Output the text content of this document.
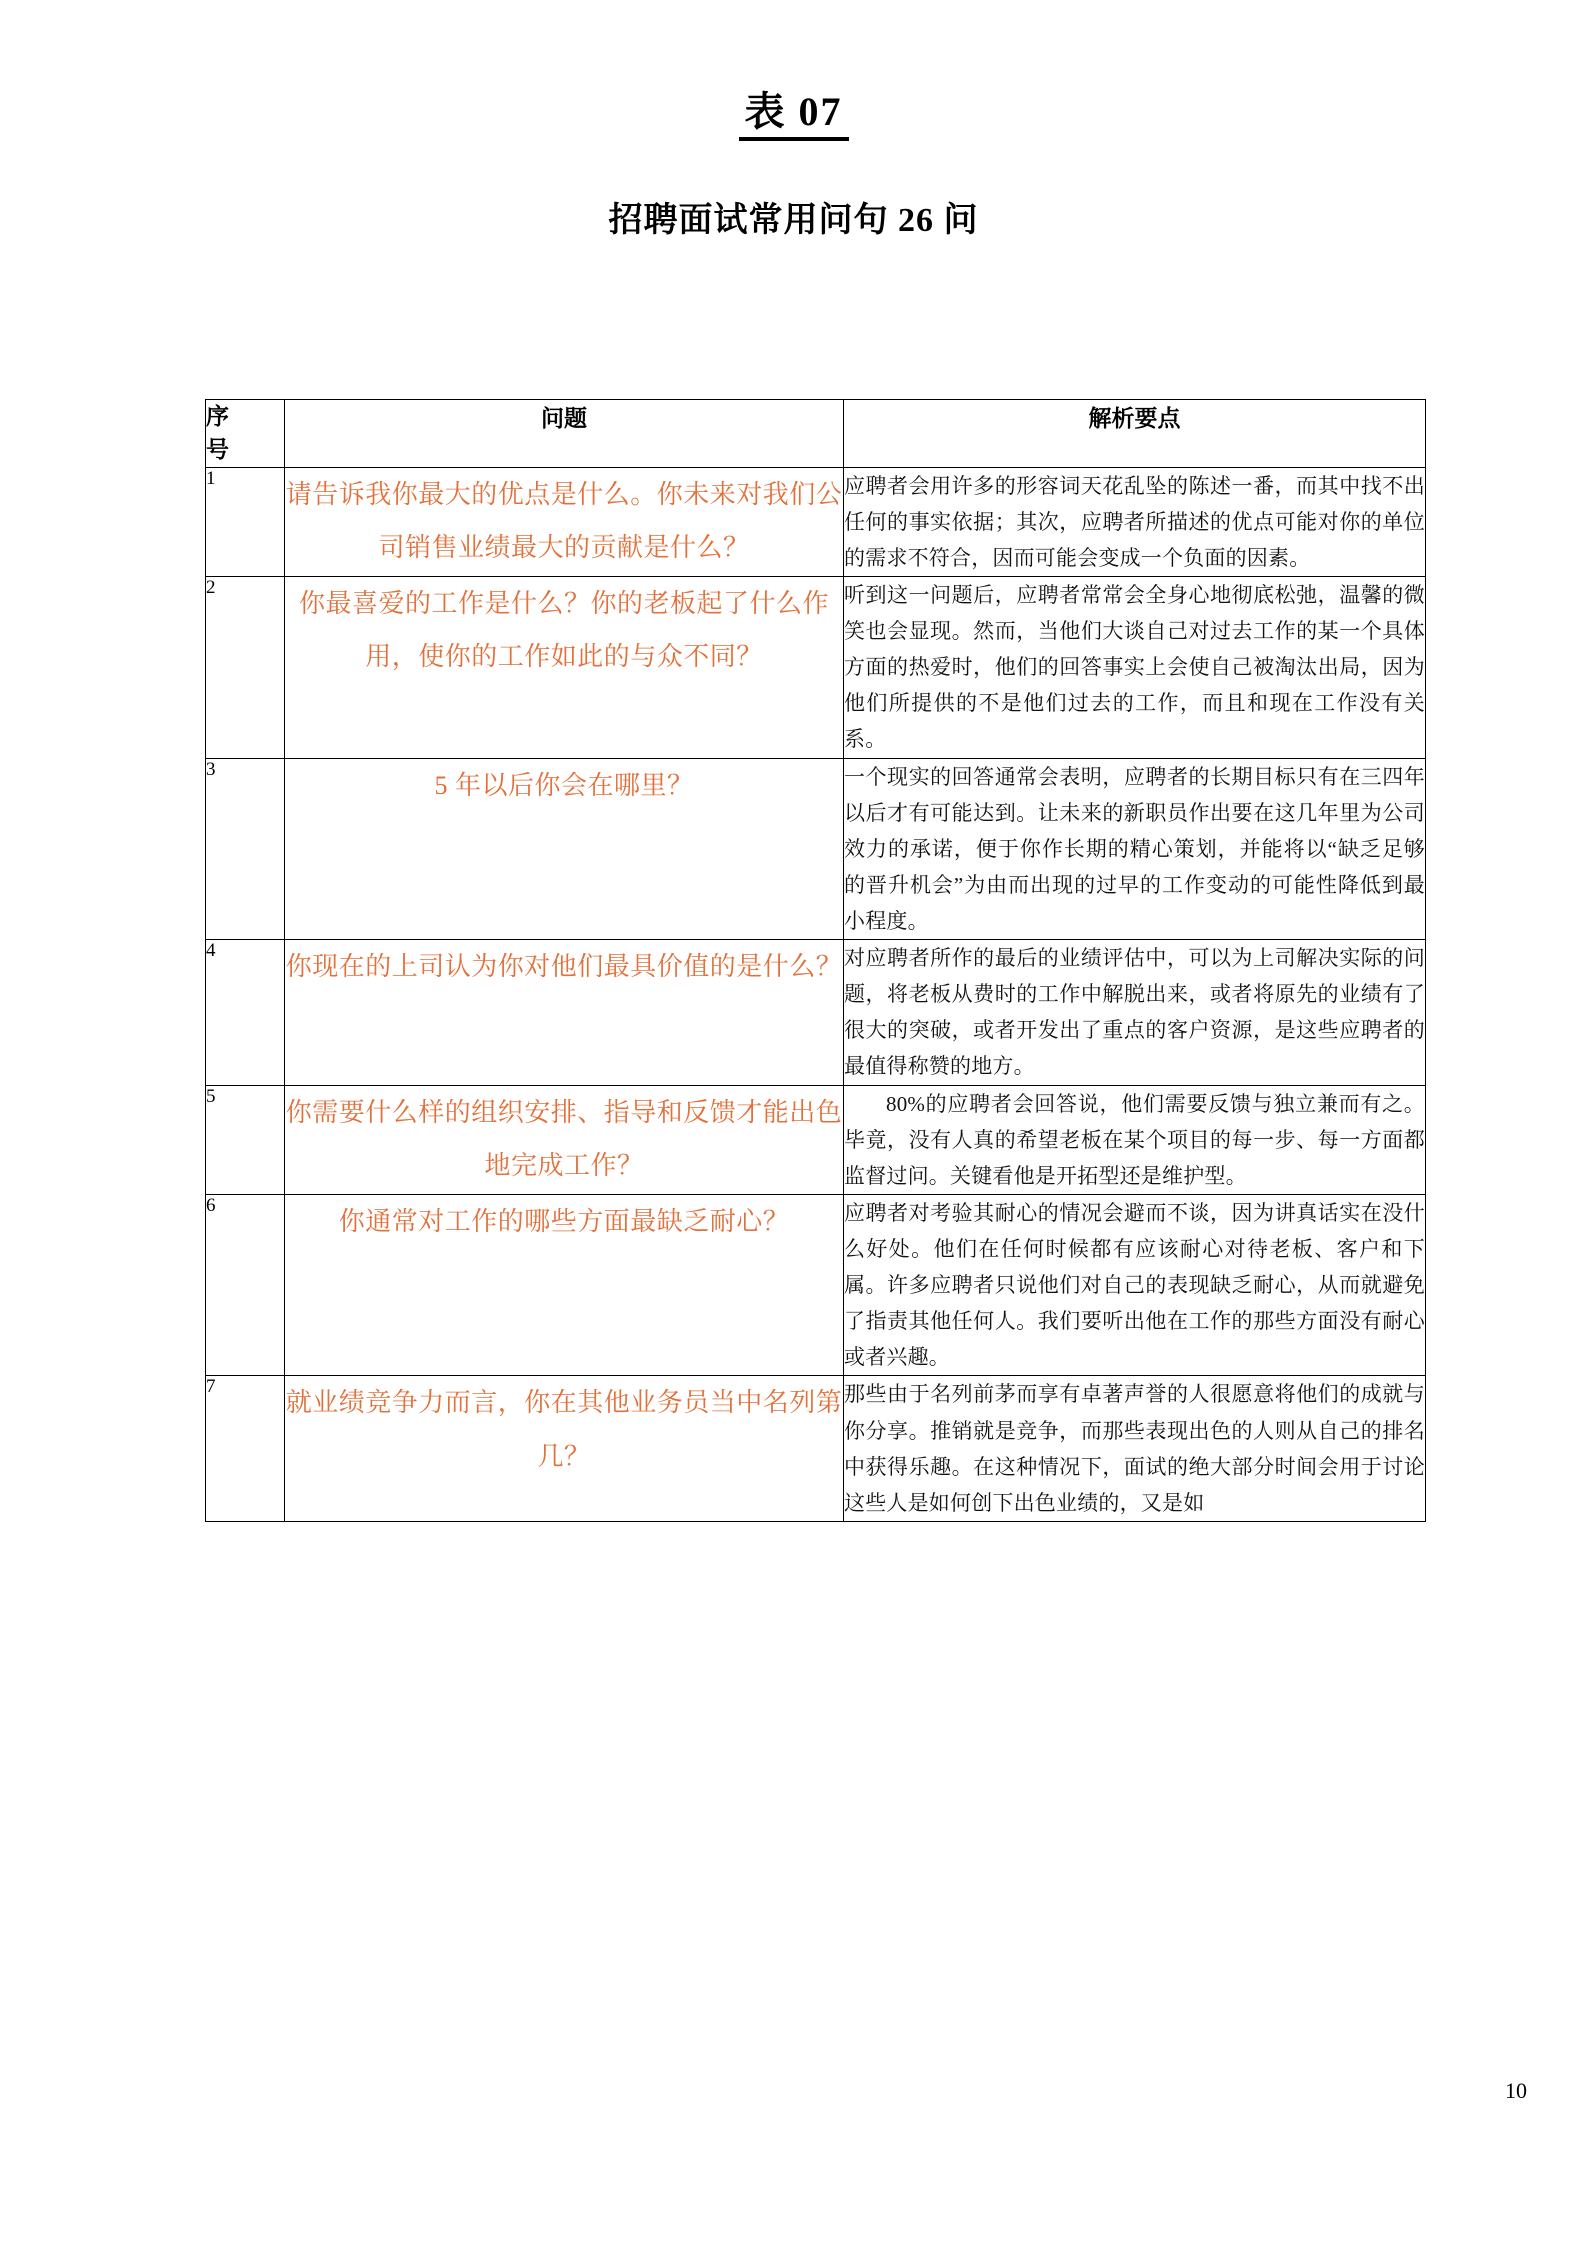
表 07
招聘面试常用问句 26 问
序
号	问题	解析要点
1	请告诉我你最大的优点是什么。你未来对我们公司销售业绩最大的贡献是什么？	应聘者会用许多的形容词天花乱坠的陈述一番，而其中找不出任何的事实依据；其次，应聘者所描述的优点可能对你的单位的需求不符合，因而可能会变成一个负面的因素。
2	你最喜爱的工作是什么？你的老板起了什么作用，使你的工作如此的与众不同？	听到这一问题后，应聘者常常会全身心地彻底松弛，温馨的微笑也会显现。然而，当他们大谈自己对过去工作的某一个具体方面的热爱时，他们的回答事实上会使自己被淘汰出局，因为他们所提供的不是他们过去的工作，而且和现在工作没有关系。
3	5 年以后你会在哪里？	一个现实的回答通常会表明，应聘者的长期目标只有在三四年以后才有可能达到。让未来的新职员作出要在这几年里为公司效力的承诺，便于你作长期的精心策划，并能将以“缺乏足够的晋升机会”为由而出现的过早的工作变动的可能性降低到最小程度。
4	你现在的上司认为你对他们最具价值的是什么？	对应聘者所作的最后的业绩评估中，可以为上司解决实际的问题，将老板从费时的工作中解脱出来，或者将原先的业绩有了很大的突破，或者开发出了重点的客户资源，是这些应聘者的最值得称赞的地方。
5	你需要什么样的组织安排、指导和反馈才能出色地完成工作？	80%的应聘者会回答说，他们需要反馈与独立兼而有之。毕竟，没有人真的希望老板在某个项目的每一步、每一方面都监督过问。关键看他是开拓型还是维护型。
6	你通常对工作的哪些方面最缺乏耐心？	应聘者对考验其耐心的情况会避而不谈，因为讲真话实在没什么好处。他们在任何时候都有应该耐心对待老板、客户和下属。许多应聘者只说他们对自己的表现缺乏耐心，从而就避免了指责其他任何人。我们要听出他在工作的那些方面没有耐心或者兴趣。
7	就业绩竞争力而言，你在其他业务员当中名列第几？	那些由于名列前茅而享有卓著声誉的人很愿意将他们的成就与你分享。推销就是竞争，而那些表现出色的人则从自己的排名中获得乐趣。在这种情况下，面试的绝大部分时间会用于讨论这些人是如何创下出色业绩的，又是如
10
